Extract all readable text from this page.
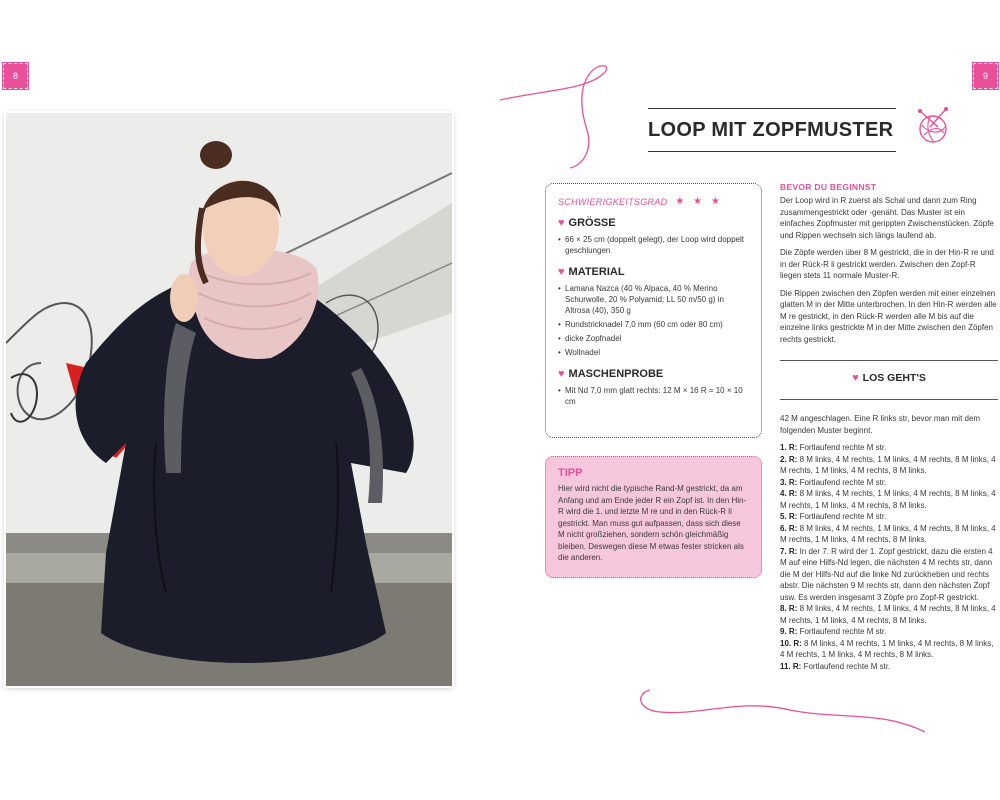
8	9
LOOP MIT ZOPFMUSTER
SCHWIERIGKEITSGRAD ★ ★ ★
♥ GRÖSSE
• 66 × 25 cm (doppelt gelegt), der Loop wird doppelt geschlungen
♥ MATERIAL
• Lamana Nazca (40 % Alpaca, 40 % Merino Schurwolle, 20 % Polyamid; LL 50 m/50 g) in Altrosa (40), 350 g
• Rundstricknadel 7,0 mm (60 cm oder 80 cm)
• dicke Zopfnadel
• Wollnadel
♥ MASCHENPROBE
• Mit Nd 7,0 mm glatt rechts: 12 M × 16 R = 10 × 10 cm
TIPP
Hier wird nicht die typische Rand-M gestrickt, da am Anfang und am Ende jeder R ein Zopf ist. In den Hin-R wird die 1. und letzte M re und in den Rück-R li gestrickt. Man muss gut aufpassen, dass sich diese M nicht großziehen, sondern schön gleichmäßig bleiben. Deswegen diese M etwas fester stricken als die anderen.
BEVOR DU BEGINNST

Der Loop wird in R zuerst als Schal und dann zum Ring zusammengestrickt oder -genäht. Das Muster ist ein einfaches Zopfmuster mit gerippten Zwischenstücken. Zöpfe und Rippen wechseln sich längs laufend ab.

Die Zöpfe werden über 8 M gestrickt, die in der Hin-R re und in der Rück-R li gestrickt werden. Zwischen den Zopf-R liegen stets 11 normale Muster-R.

Die Rippen zwischen den Zöpfen werden mit einer einzelnen glatten M in der Mitte unterbrochen. In den Hin-R werden alle M re gestrickt, in den Rück-R werden alle M bis auf die einzelne links gestrickte M in der Mitte zwischen den Zöpfen rechts gestrickt.

♥ LOS GEHT'S

42 M angeschlagen. Eine R links str, bevor man mit dem folgenden Muster beginnt.

1. R: Fortlaufend rechte M str.
2. R: 8 M links, 4 M rechts, 1 M links, 4 M rechts, 8 M links, 4 M rechts, 1 M links, 4 M rechts, 8 M links.
3. R: Fortlaufend rechte M str.
4. R: 8 M links, 4 M rechts, 1 M links, 4 M rechts, 8 M links, 4 M rechts, 1 M links, 4 M rechts, 8 M links.
5. R: Fortlaufend rechte M str.
6. R: 8 M links, 4 M rechts, 1 M links, 4 M rechts, 8 M links, 4 M rechts, 1 M links, 4 M rechts, 8 M links.
7. R: In der 7. R wird der 1. Zopf gestrickt, dazu die ersten 4 M auf eine Hilfs-Nd legen, die nächsten 4 M rechts str, dann die M der Hilfs-Nd auf die linke Nd zurückheben und rechts abstr. Die nächsten 9 M rechts str, dann den nächsten Zopf usw. Es werden insgesamt 3 Zöpfe pro Zopf-R gestrickt.
8. R: 8 M links, 4 M rechts, 1 M links, 4 M rechts, 8 M links, 4 M rechts, 1 M links, 4 M rechts, 8 M links.
9. R: Fortlaufend rechte M str.
10. R: 8 M links, 4 M rechts, 1 M links, 4 M rechts, 8 M links, 4 M rechts, 1 M links, 4 M rechts, 8 M links.
11. R: Fortlaufend rechte M str.
